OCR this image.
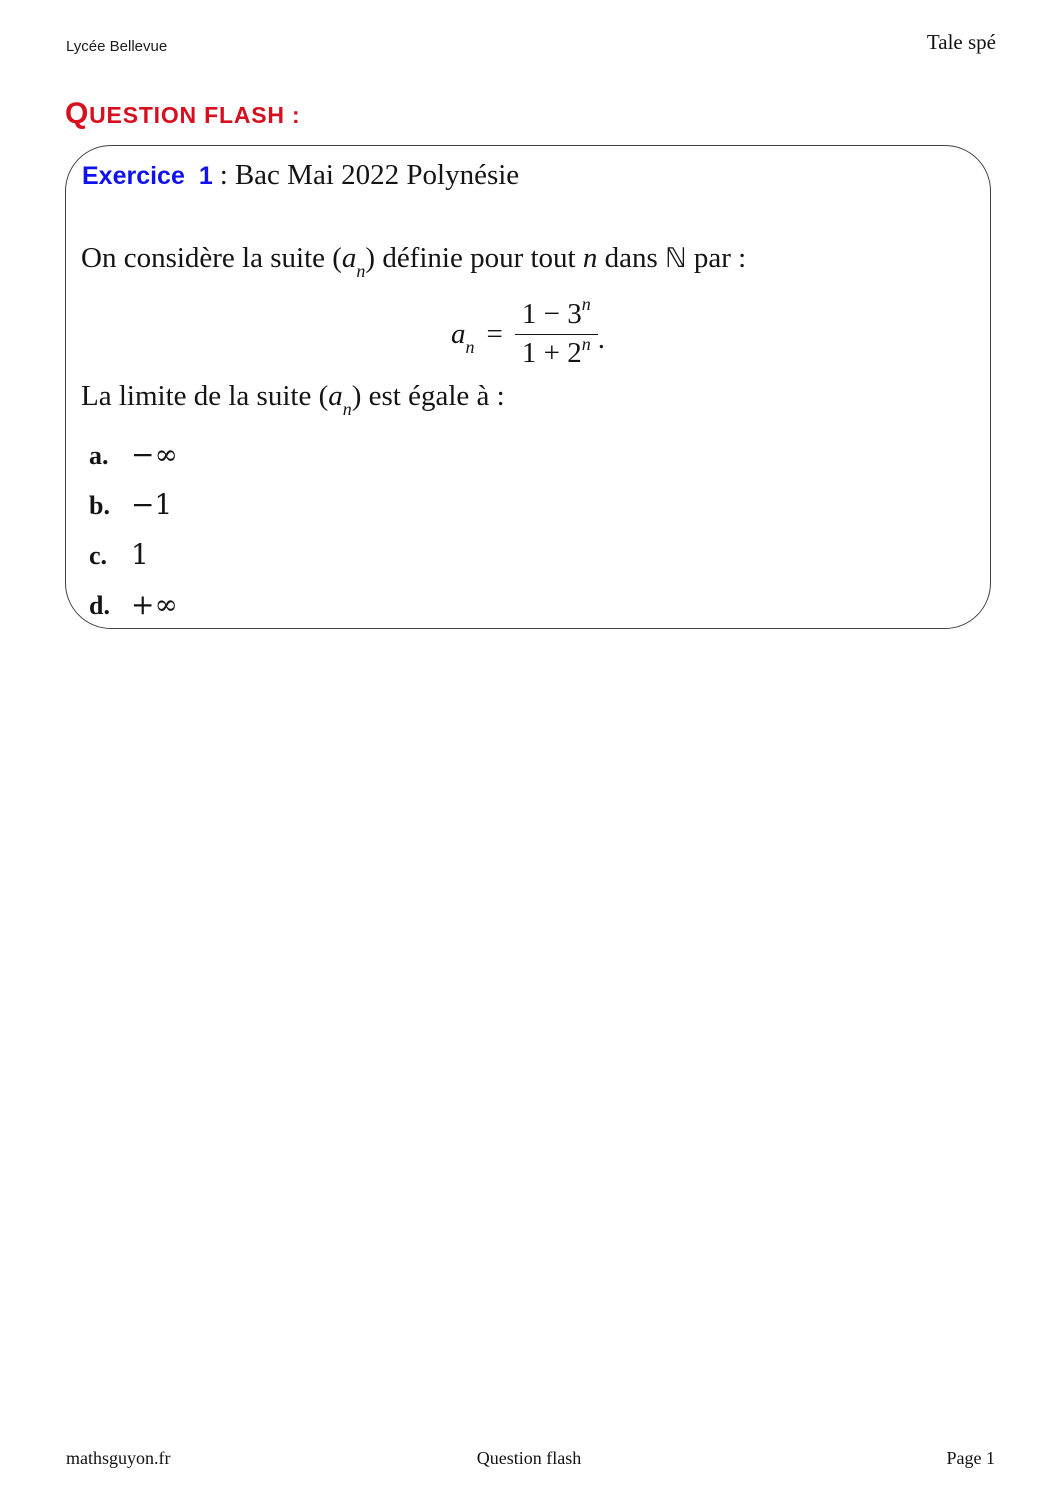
Lycée Bellevue	Tale spé
QUESTION FLASH :
Exercice 1 : Bac Mai 2022 Polynésie

On considère la suite $(a_n)$ définie pour tout n dans ℕ par :

$a_n = \frac{1 - 3^n}{1 + 2^n}$ .

La limite de la suite $(a_n)$ est égale à :

a. −∞
b. −1
c. 1
d. +∞
mathsguyon.fr	Question flash	Page 1
